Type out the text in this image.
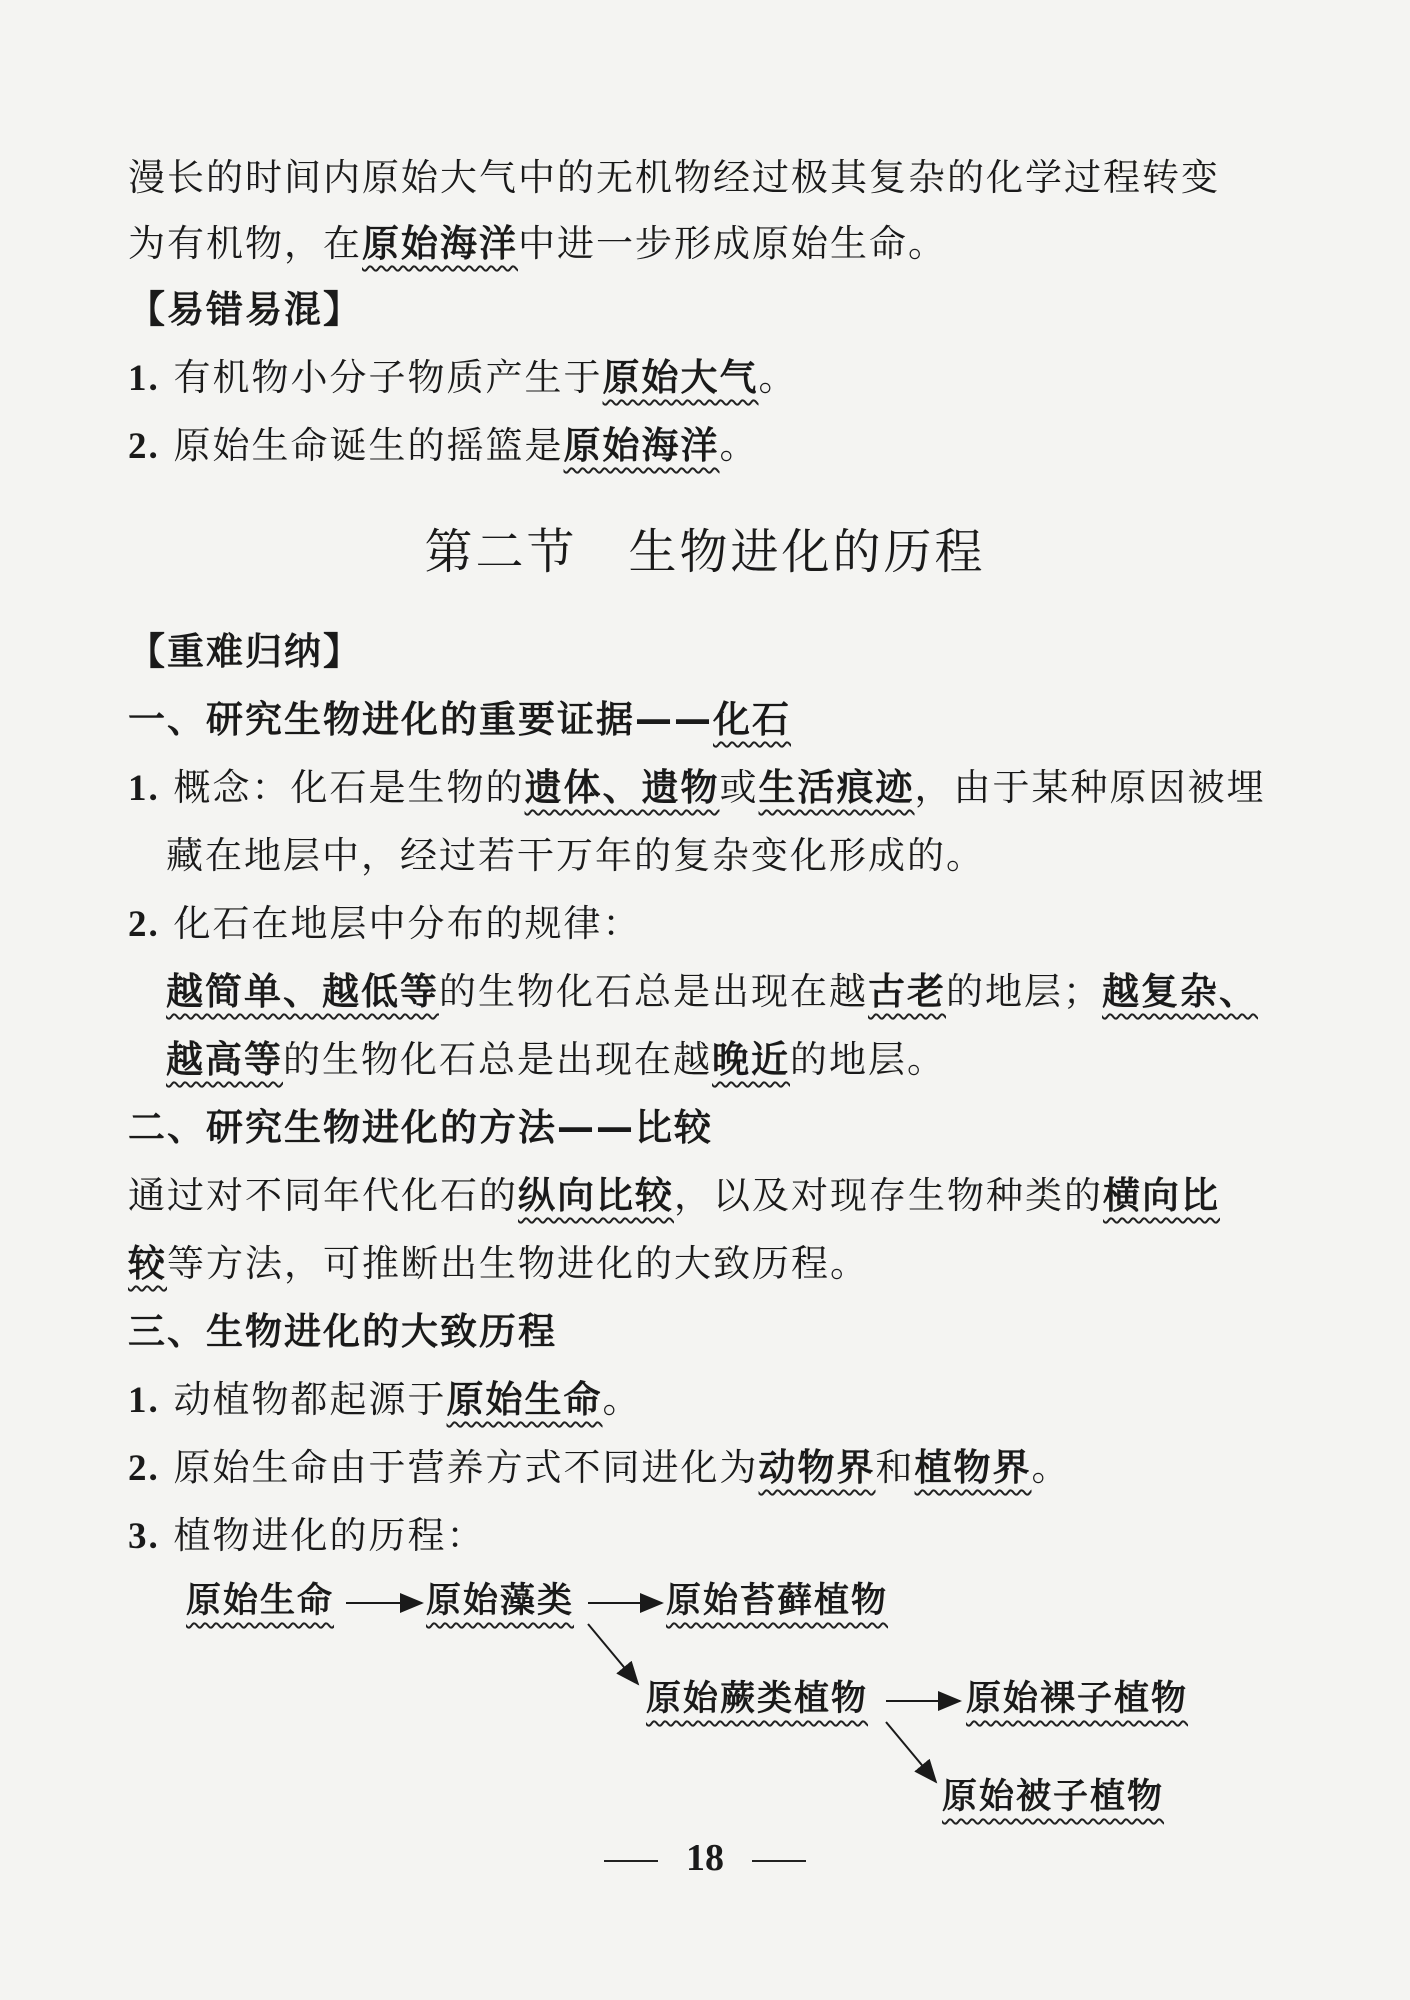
漫长的时间内原始大气中的无机物经过极其复杂的化学过程转变
为有机物，在原始海洋中进一步形成原始生命。
【易错易混】
1. 有机物小分子物质产生于原始大气。
2. 原始生命诞生的摇篮是原始海洋。
第二节　生物进化的历程
【重难归纳】
一、研究生物进化的重要证据——化石
1. 概念：化石是生物的遗体、遗物或生活痕迹，由于某种原因被埋
藏在地层中，经过若干万年的复杂变化形成的。
2. 化石在地层中分布的规律：
越简单、越低等的生物化石总是出现在越古老的地层；越复杂、
越高等的生物化石总是出现在越晚近的地层。
二、研究生物进化的方法——比较
通过对不同年代化石的纵向比较，以及对现存生物种类的横向比
较等方法，可推断出生物进化的大致历程。
三、生物进化的大致历程
1. 动植物都起源于原始生命。
2. 原始生命由于营养方式不同进化为动物界和植物界。
3. 植物进化的历程：
原始生命	原始藻类	原始苔藓植物
原始蕨类植物	原始裸子植物
原始被子植物
18
